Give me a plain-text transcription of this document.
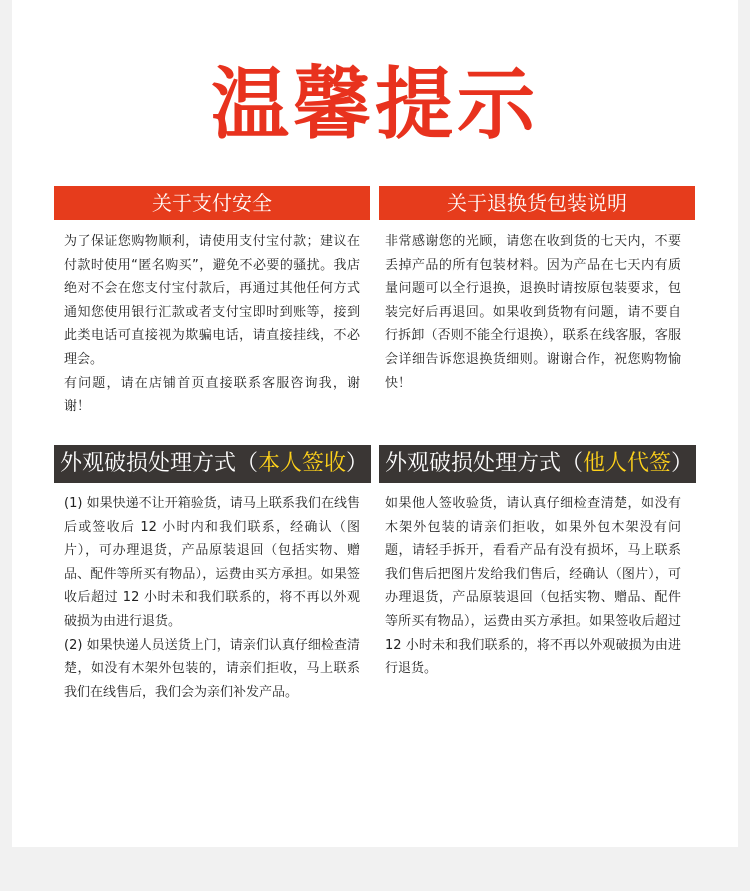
温馨提示
关于支付安全

为了保证您购物顺利，请使用支付宝付款；建议在付款时使用“匿名购买”，避免不必要的骚扰。我店绝对不会在您支付宝付款后，再通过其他任何方式通知您使用银行汇款或者支付宝即时到账等，接到此类电话可直接视为欺骗电话，请直接挂线，不必理会。

有问题，请在店铺首页直接联系客服咨询我，谢谢！

关于退换货包装说明

非常感谢您的光顾，请您在收到货的七天内，不要丢掉产品的所有包装材料。因为产品在七天内有质量问题可以全行退换，退换时请按原包装要求，包装完好后再退回。如果收到货物有问题，请不要自行拆卸（否则不能全行退换），联系在线客服，客服会详细告诉您退换货细则。谢谢合作，祝您购物愉快！

外观破损处理方式（本人签收）

(1) 如果快递不让开箱验货，请马上联系我们在线售后或签收后 12 小时内和我们联系，经确认（图片），可办理退货，产品原装退回（包括实物、赠品、配件等所买有物品），运费由买方承担。如果签收后超过 12 小时未和我们联系的，将不再以外观破损为由进行退货。

(2) 如果快递人员送货上门，请亲们认真仔细检查清楚，如没有木架外包装的，请亲们拒收，马上联系我们在线售后，我们会为亲们补发产品。

外观破损处理方式（他人代签）

如果他人签收验货，请认真仔细检查清楚，如没有木架外包装的请亲们拒收，如果外包木架没有问题，请轻手拆开，看看产品有没有损坏，马上联系我们售后把图片发给我们售后，经确认（图片），可办理退货，产品原装退回（包括实物、赠品、配件等所买有物品），运费由买方承担。如果签收后超过 12 小时未和我们联系的，将不再以外观破损为由进行退货。
